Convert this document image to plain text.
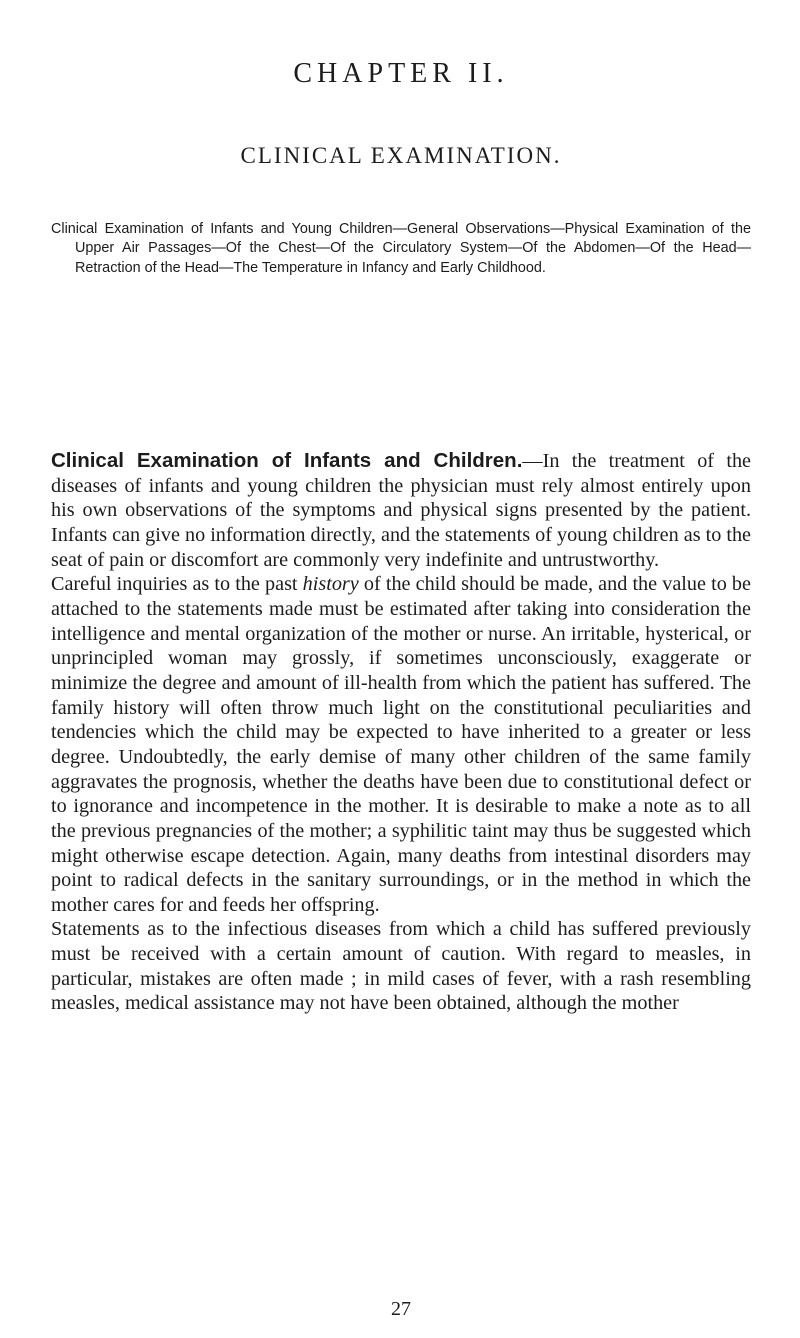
CHAPTER II.
CLINICAL EXAMINATION.

Clinical Examination of Infants and Young Children—General Observations—Physical Examination of the Upper Air Passages—Of the Chest—Of the Circulatory System—Of the Abdomen—Of the Head—Retraction of the Head—The Temperature in Infancy and Early Childhood.

Clinical Examination of Infants and Children.—In the treatment of the diseases of infants and young children the physician must rely almost entirely upon his own observations of the symptoms and physical signs presented by the patient. Infants can give no information directly, and the statements of young children as to the seat of pain or discomfort are commonly very indefinite and untrustworthy.

Careful inquiries as to the past history of the child should be made, and the value to be attached to the statements made must be estimated after taking into consideration the intelligence and mental organization of the mother or nurse. An irritable, hysterical, or unprincipled woman may grossly, if sometimes unconsciously, exaggerate or minimize the degree and amount of ill-health from which the patient has suffered. The family history will often throw much light on the constitutional peculiarities and tendencies which the child may be expected to have inherited to a greater or less degree. Undoubtedly, the early demise of many other children of the same family aggravates the prognosis, whether the deaths have been due to constitutional defect or to ignorance and incompetence in the mother. It is desirable to make a note as to all the previous pregnancies of the mother; a syphilitic taint may thus be suggested which might otherwise escape detection. Again, many deaths from intestinal disorders may point to radical defects in the sanitary surroundings, or in the method in which the mother cares for and feeds her offspring.

Statements as to the infectious diseases from which a child has suffered previously must be received with a certain amount of caution. With regard to measles, in particular, mistakes are often made ; in mild cases of fever, with a rash resembling measles, medical assistance may not have been obtained, although the mother

27
